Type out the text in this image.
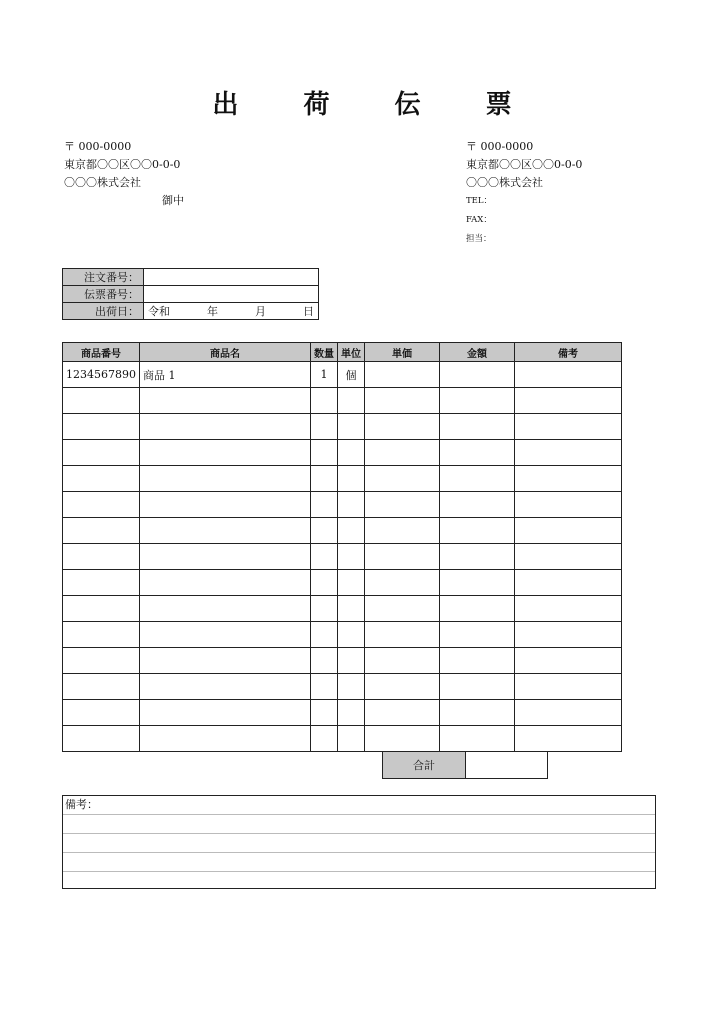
出 荷 伝 票
〒 000-0000
東京都〇〇区〇〇0-0-0
〇〇〇株式会社
御中
〒 000-0000
東京都〇〇区〇〇0-0-0
〇〇〇株式会社
TEL：
FAX：
担当：
注文番号：	
伝票番号：	
出荷日：	令和 年 月 日
商品番号	商品名	数量	単位	単価	金額	備考
1234567890	商品 1	1	個			

合計	
備考：
